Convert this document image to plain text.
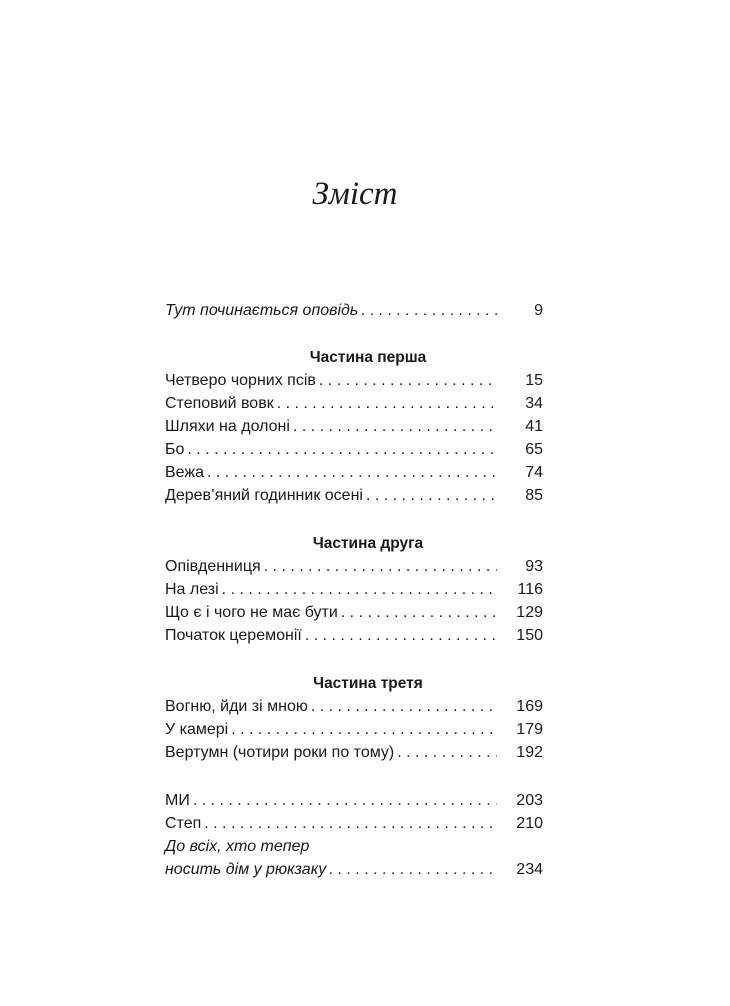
Зміст
Тут починається оповідь . . .	9
Частина перша
Четверо чорних псів . . .	15
Степовий вовк . . .	34
Шляхи на долоні . . .	41
Бо . . .	65
Вежа . . .	74
Дерев’яний годинник осені . . .	85
Частина друга
Опівденниця . . .	93
На лезі . . .	116
Що є і чого не має бути . . .	129
Початок церемонії . . .	150
Частина третя
Вогню, йди зі мною . . .	169
У камері . . .	179
Вертумн (чотири роки по тому) . . .	192
МИ . . .	203
Степ . . .	210
До всіх, хто тепер
носить дім у рюкзаку . . .	234
